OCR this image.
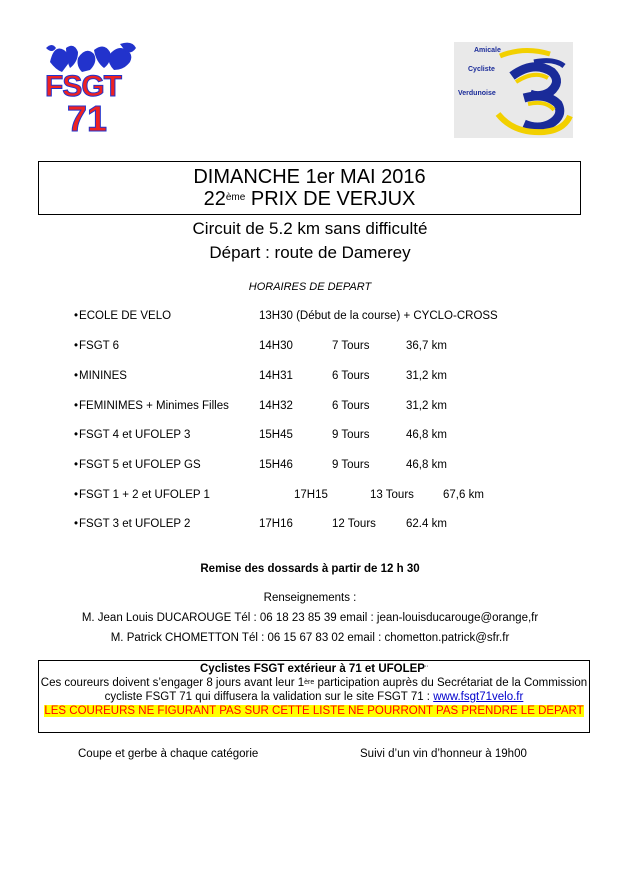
FSGT
71
Amicale
Cycliste
Verdunoise
DIMANCHE 1er MAI 2016
22ème PRIX DE VERJUX
Circuit de 5.2 km sans difficulté
Départ : route de Damerey
HORAIRES DE DEPART
•ECOLE DE VELO	13H30 (Début de la course) + CYCLO-CROSS
•FSGT 6	14H30	7 Tours	36,7 km
•MININES	14H31	6 Tours	31,2 km
•FEMINIMES + Minimes Filles	14H32	6 Tours	31,2 km
•FSGT 4 et UFOLEP 3	15H45	9 Tours	46,8 km
•FSGT 5 et UFOLEP GS	15H46	9 Tours	46,8 km
•FSGT 1 + 2 et UFOLEP 1	17H15	13 Tours	67,6 km
•FSGT 3 et UFOLEP 2	17H16	12 Tours	62.4 km
Remise des dossards à partir de 12 h 30
Renseignements :
M. Jean Louis DUCAROUGE Tél : 06 18 23 85 39 email : jean-louisducarouge@orange,fr
M. Patrick CHOMETTON Tél : 06 15 67 83 02 email : chometton.patrick@sfr.fr
Cyclistes FSGT extérieur à 71 et UFOLEP¨
Ces coureurs doivent s’engager 8 jours avant leur 1ère participation auprès du Secrétariat de la Commission cycliste FSGT 71 qui diffusera la validation sur le site FSGT 71 : www.fsgt71velo.fr
LES COUREURS NE FIGURANT PAS SUR CETTE LISTE NE POURRONT PAS PRENDRE LE DEPART
Coupe et gerbe à chaque catégorie	Suivi d’un vin d’honneur à 19h00
